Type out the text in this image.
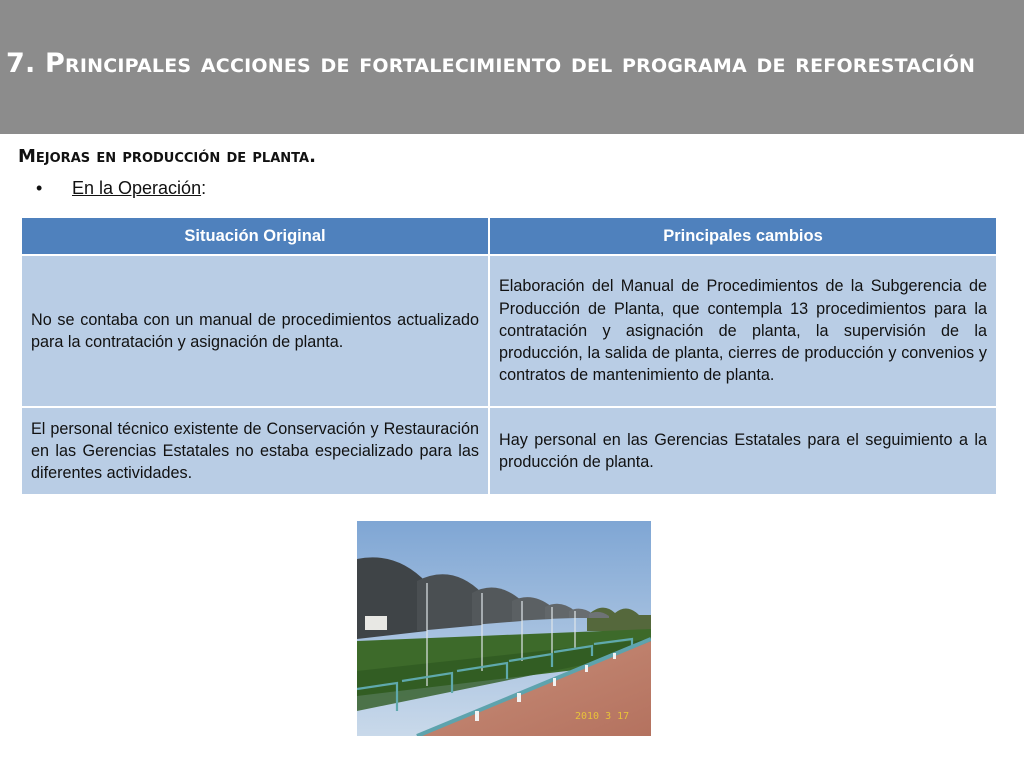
7. Principales acciones de fortalecimiento del programa de reforestación
Mejoras en producción de planta.
• En la Operación:
Situación Original	Principales cambios
No se contaba con un manual de procedimientos actualizado para la contratación y asignación de planta.	Elaboración del Manual de Procedimientos de la Subgerencia de Producción de Planta, que contempla 13 procedimientos para la contratación y asignación de planta, la supervisión de la producción, la salida de planta, cierres de producción y convenios y contratos de mantenimiento de planta.
El personal técnico existente de Conservación y Restauración en las Gerencias Estatales no estaba especializado para las diferentes actividades.	Hay personal en las Gerencias Estatales para el seguimiento a la producción de planta.
2010 3 17
